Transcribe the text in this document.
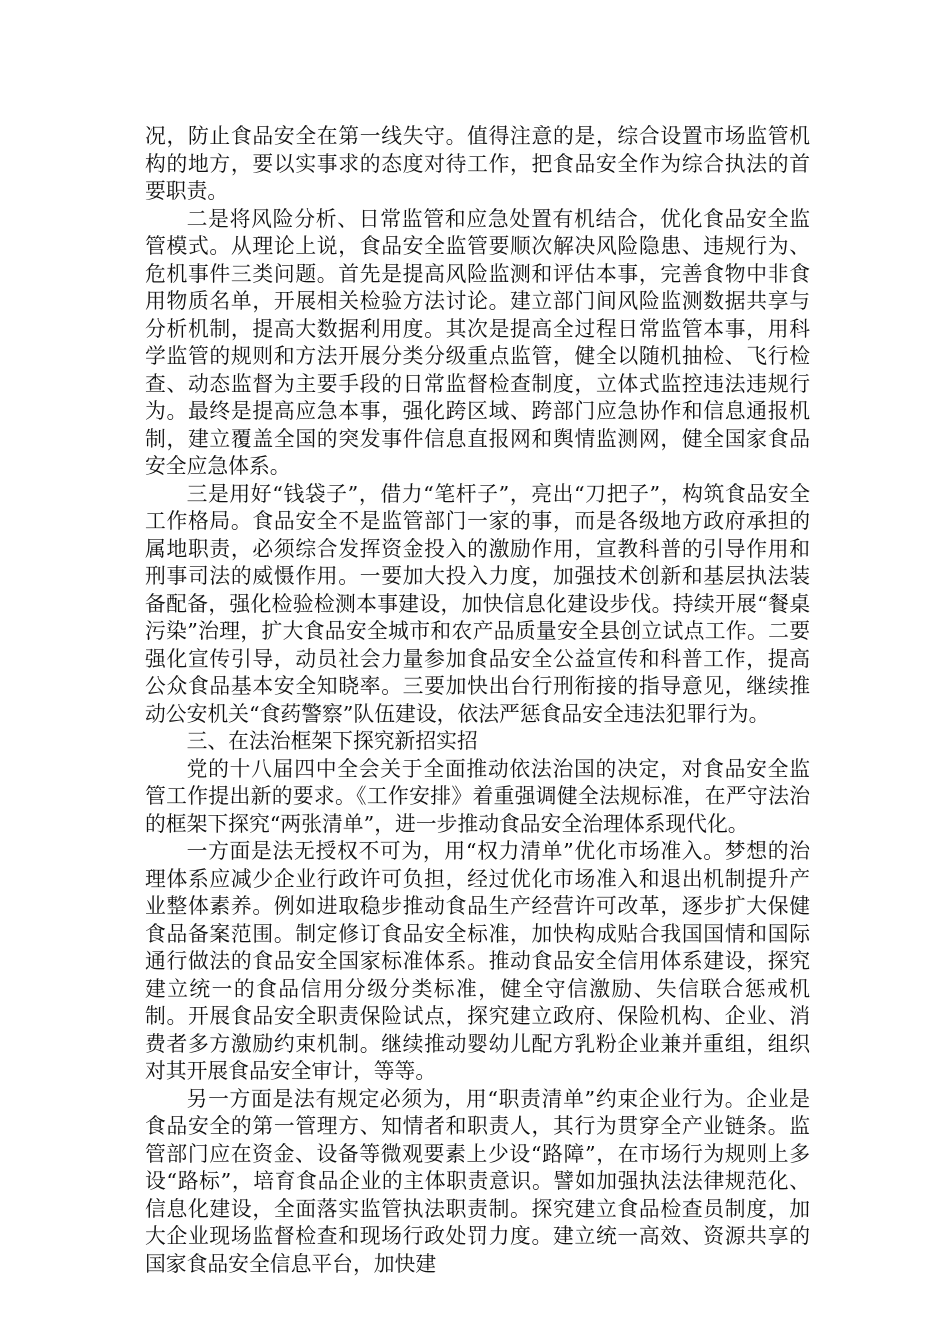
况，防止食品安全在第一线失守。值得注意的是，综合设置市场监管机构的地方，要以实事求的态度对待工作，把食品安全作为综合执法的首要职责。

二是将风险分析、日常监管和应急处置有机结合，优化食品安全监管模式。从理论上说，食品安全监管要顺次解决风险隐患、违规行为、危机事件三类问题。首先是提高风险监测和评估本事，完善食物中非食用物质名单，开展相关检验方法讨论。建立部门间风险监测数据共享与分析机制，提高大数据利用度。其次是提高全过程日常监管本事，用科学监管的规则和方法开展分类分级重点监管，健全以随机抽检、飞行检查、动态监督为主要手段的日常监督检查制度，立体式监控违法违规行为。最终是提高应急本事，强化跨区域、跨部门应急协作和信息通报机制，建立覆盖全国的突发事件信息直报网和舆情监测网，健全国家食品安全应急体系。

三是用好“钱袋子”，借力“笔杆子”，亮出“刀把子”，构筑食品安全工作格局。食品安全不是监管部门一家的事，而是各级地方政府承担的属地职责，必须综合发挥资金投入的激励作用，宣教科普的引导作用和刑事司法的威慑作用。一要加大投入力度，加强技术创新和基层执法装备配备，强化检验检测本事建设，加快信息化建设步伐。持续开展“餐桌污染”治理，扩大食品安全城市和农产品质量安全县创立试点工作。二要强化宣传引导，动员社会力量参加食品安全公益宣传和科普工作，提高公众食品基本安全知晓率。三要加快出台行刑衔接的指导意见，继续推动公安机关“食药警察”队伍建设，依法严惩食品安全违法犯罪行为。

三、在法治框架下探究新招实招

党的十八届四中全会关于全面推动依法治国的决定，对食品安全监管工作提出新的要求。《工作安排》着重强调健全法规标准，在严守法治的框架下探究“两张清单”，进一步推动食品安全治理体系现代化。

一方面是法无授权不可为，用“权力清单”优化市场准入。梦想的治理体系应减少企业行政许可负担，经过优化市场准入和退出机制提升产业整体素养。例如进取稳步推动食品生产经营许可改革，逐步扩大保健食品备案范围。制定修订食品安全标准，加快构成贴合我国国情和国际通行做法的食品安全国家标准体系。推动食品安全信用体系建设，探究建立统一的食品信用分级分类标准，健全守信激励、失信联合惩戒机制。开展食品安全职责保险试点，探究建立政府、保险机构、企业、消费者多方激励约束机制。继续推动婴幼儿配方乳粉企业兼并重组，组织对其开展食品安全审计，等等。

另一方面是法有规定必须为，用“职责清单”约束企业行为。企业是食品安全的第一管理方、知情者和职责人，其行为贯穿全产业链条。监管部门应在资金、设备等微观要素上少设“路障”，在市场行为规则上多设“路标”，培育食品企业的主体职责意识。譬如加强执法法律规范化、信息化建设，全面落实监管执法职责制。探究建立食品检查员制度，加大企业现场监督检查和现场行政处罚力度。建立统一高效、资源共享的国家食品安全信息平台，加快建
